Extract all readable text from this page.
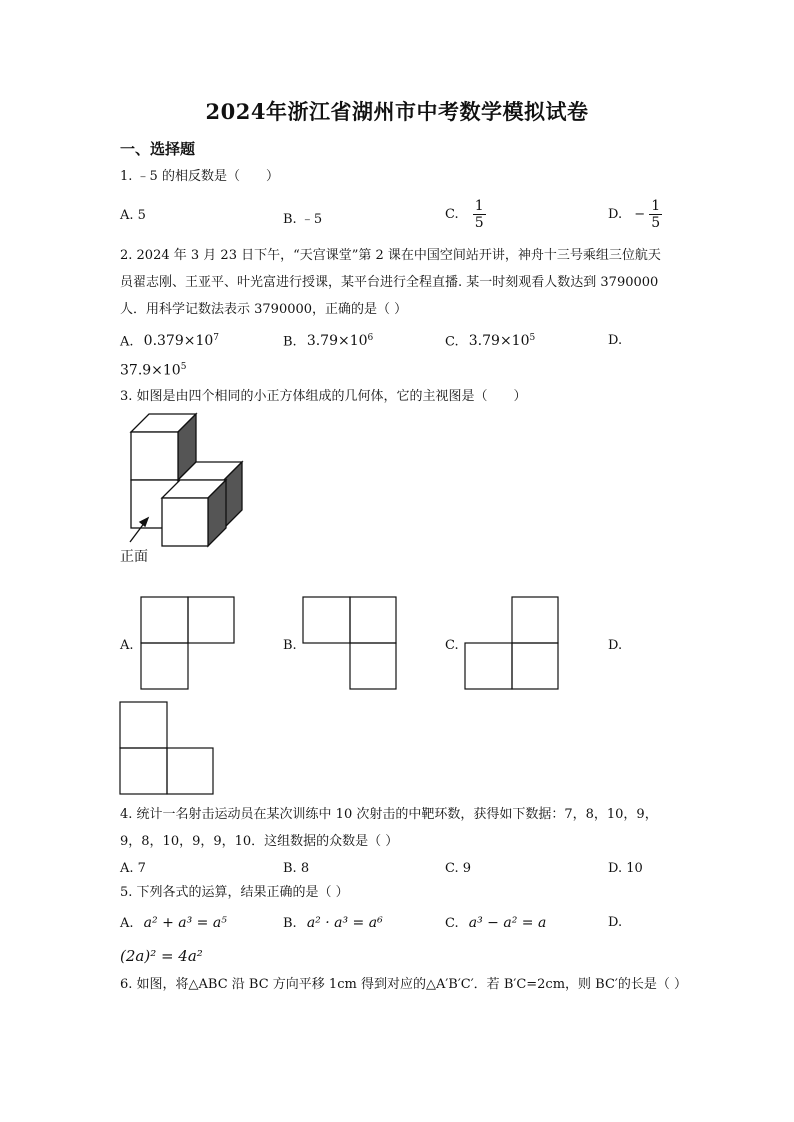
2024年浙江省湖州市中考数学模拟试卷
一、选择题
1. ﹣5 的相反数是（　　）
A. 5	B. ﹣5	C. $\frac{1}{5}$	D. − $\frac{1}{5}$
2. 2024 年 3 月 23 日下午，“天宫课堂”第 2 课在中国空间站开讲，神舟十三号乘组三位航天
员翟志刚、王亚平、叶光富进行授课，某平台进行全程直播. 某一时刻观看人数达到 3790000
人．用科学记数法表示 3790000，正确的是（ ）
A. $0.379\times 10^7$	B. $3.79\times 10^6$	C. $3.79\times 10^5$	D.
$37.9\times 10^5$
3. 如图是由四个相同的小正方体组成的几何体，它的主视图是（　　）
正面
A.	B.	C.	D.
4. 统计一名射击运动员在某次训练中 10 次射击的中靶环数，获得如下数据：7，8，10，9，
9，8，10，9，9，10．这组数据的众数是（ ）
A. 7	B. 8	C. 9	D. 10
5. 下列各式的运算，结果正确的是（ ）
A. a² + a³ = a⁵	B. a² · a³ = a⁶	C. a³ − a² = a	D.
(2a)² = 4a²
6. 如图，将△ABC 沿 BC 方向平移 1cm 得到对应的△A′B′C′．若 B′C=2cm，则 BC′的长是（ ）
